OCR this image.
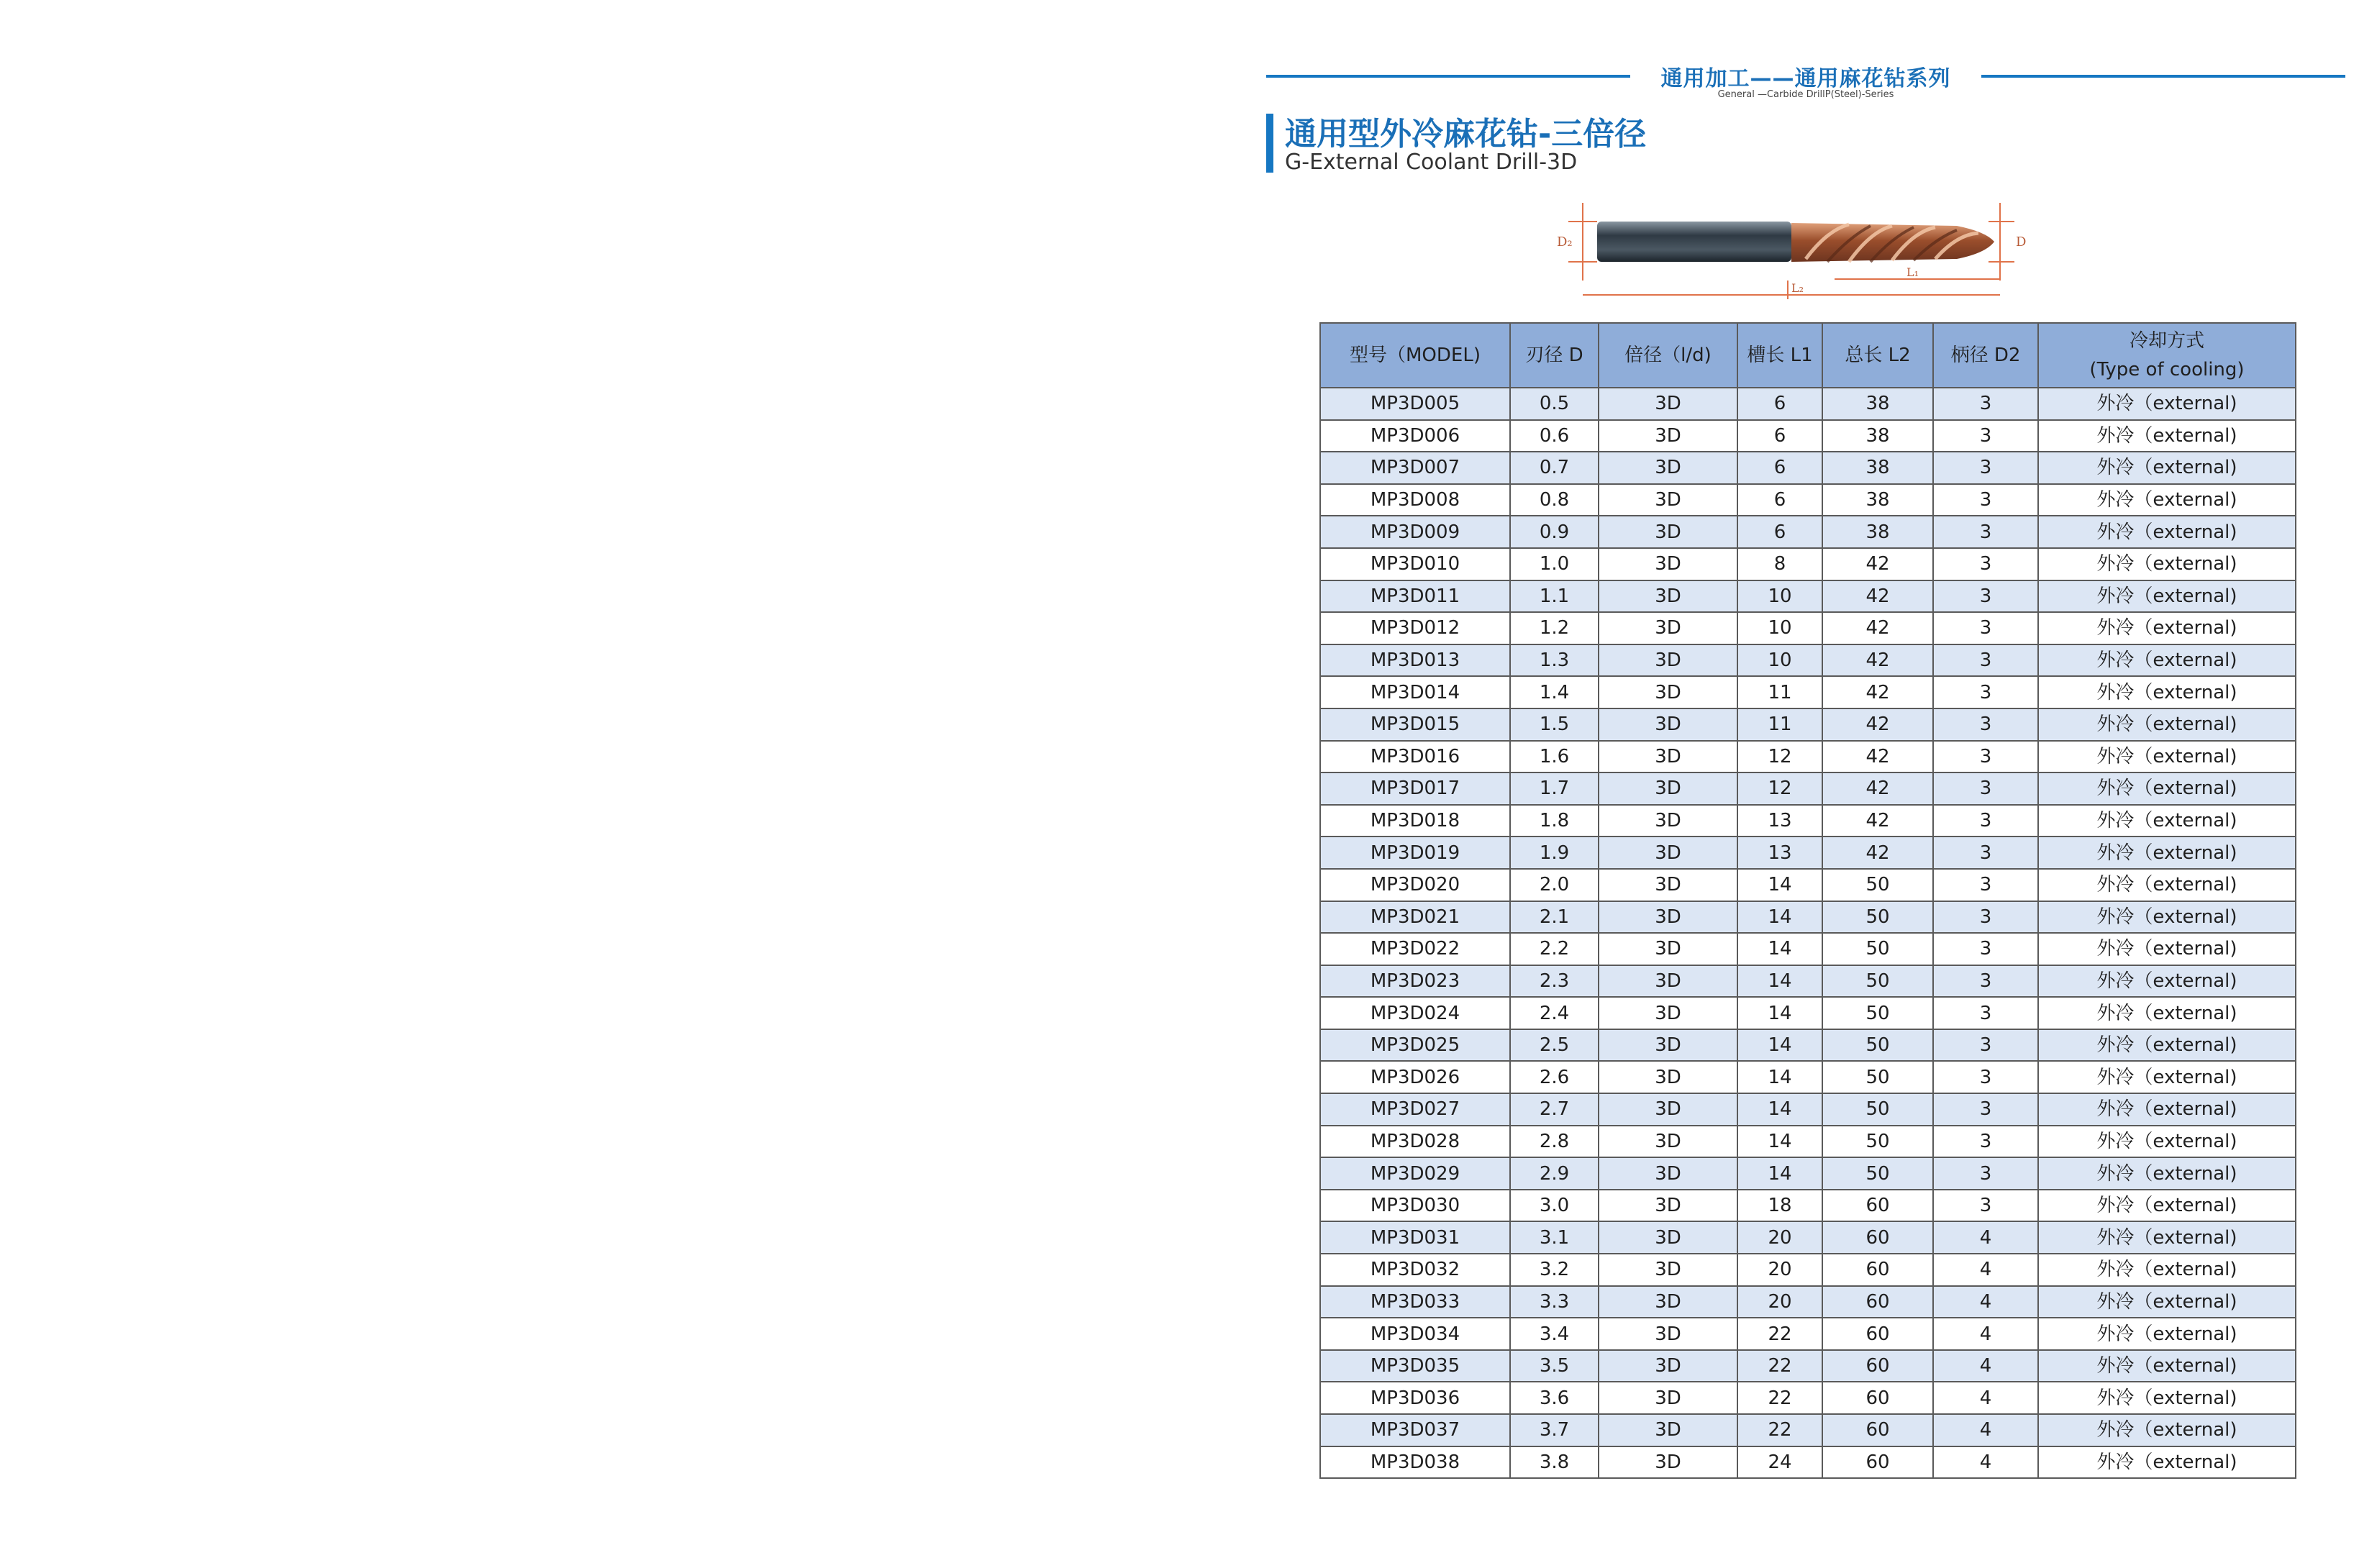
通用加工——通用麻花钻系列
General —Carbide DrillP(Steel)-Series
通用型外冷麻花钻-三倍径
G-External Coolant Drill-3D
D₂	D
L₁
L₂
型号（MODEL)	刃径 D	倍径（l/d)	槽长 L1	总长 L2	柄径 D2	冷却方式
(Type of cooling)

MP3D005	0.5	3D	6	38	3	外冷（external)
MP3D006	0.6	3D	6	38	3	外冷（external)
MP3D007	0.7	3D	6	38	3	外冷（external)
MP3D008	0.8	3D	6	38	3	外冷（external)
MP3D009	0.9	3D	6	38	3	外冷（external)
MP3D010	1.0	3D	8	42	3	外冷（external)
MP3D011	1.1	3D	10	42	3	外冷（external)
MP3D012	1.2	3D	10	42	3	外冷（external)
MP3D013	1.3	3D	10	42	3	外冷（external)
MP3D014	1.4	3D	11	42	3	外冷（external)
MP3D015	1.5	3D	11	42	3	外冷（external)
MP3D016	1.6	3D	12	42	3	外冷（external)
MP3D017	1.7	3D	12	42	3	外冷（external)
MP3D018	1.8	3D	13	42	3	外冷（external)
MP3D019	1.9	3D	13	42	3	外冷（external)
MP3D020	2.0	3D	14	50	3	外冷（external)
MP3D021	2.1	3D	14	50	3	外冷（external)
MP3D022	2.2	3D	14	50	3	外冷（external)
MP3D023	2.3	3D	14	50	3	外冷（external)
MP3D024	2.4	3D	14	50	3	外冷（external)
MP3D025	2.5	3D	14	50	3	外冷（external)
MP3D026	2.6	3D	14	50	3	外冷（external)
MP3D027	2.7	3D	14	50	3	外冷（external)
MP3D028	2.8	3D	14	50	3	外冷（external)
MP3D029	2.9	3D	14	50	3	外冷（external)
MP3D030	3.0	3D	18	60	3	外冷（external)
MP3D031	3.1	3D	20	60	4	外冷（external)
MP3D032	3.2	3D	20	60	4	外冷（external)
MP3D033	3.3	3D	20	60	4	外冷（external)
MP3D034	3.4	3D	22	60	4	外冷（external)
MP3D035	3.5	3D	22	60	4	外冷（external)
MP3D036	3.6	3D	22	60	4	外冷（external)
MP3D037	3.7	3D	22	60	4	外冷（external)
MP3D038	3.8	3D	24	60	4	外冷（external)
